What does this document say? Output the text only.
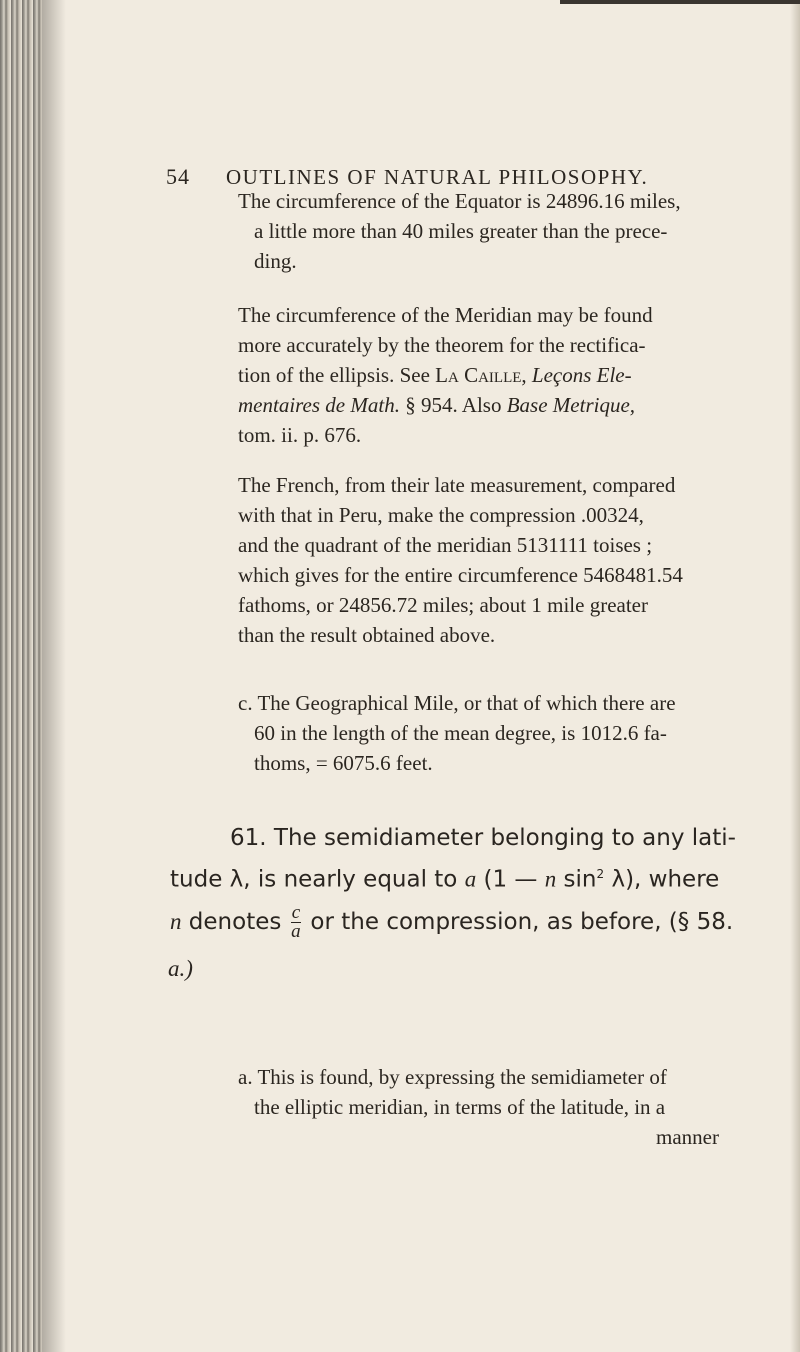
54 OUTLINES OF NATURAL PHILOSOPHY.

The circumference of the Equator is 24896.16 miles,
a little more than 40 miles greater than the prece-
ding.

The circumference of the Meridian may be found
more accurately by the theorem for the rectifica-
tion of the ellipsis. See La Caille, Leçons Ele-
mentaires de Math. § 954. Also Base Metrique,
tom. ii. p. 676.

The French, from their late measurement, compared
with that in Peru, make the compression .00324,
and the quadrant of the meridian 5131111 toises ;
which gives for the entire circumference 5468481.54
fathoms, or 24856.72 miles; about 1 mile greater
than the result obtained above.

c. The Geographical Mile, or that of which there are
60 in the length of the mean degree, is 1012.6 fa-
thoms, = 6075.6 feet.

61. The semidiameter belonging to any lati-
tude λ, is nearly equal to a (1 — n $\sin^2 \lambda$), where
n denotes $\frac{c}{a}$ or the compression, as before, (§ 58.
a.)

a. This is found, by expressing the semidiameter of
the elliptic meridian, in terms of the latitude, in a
manner
